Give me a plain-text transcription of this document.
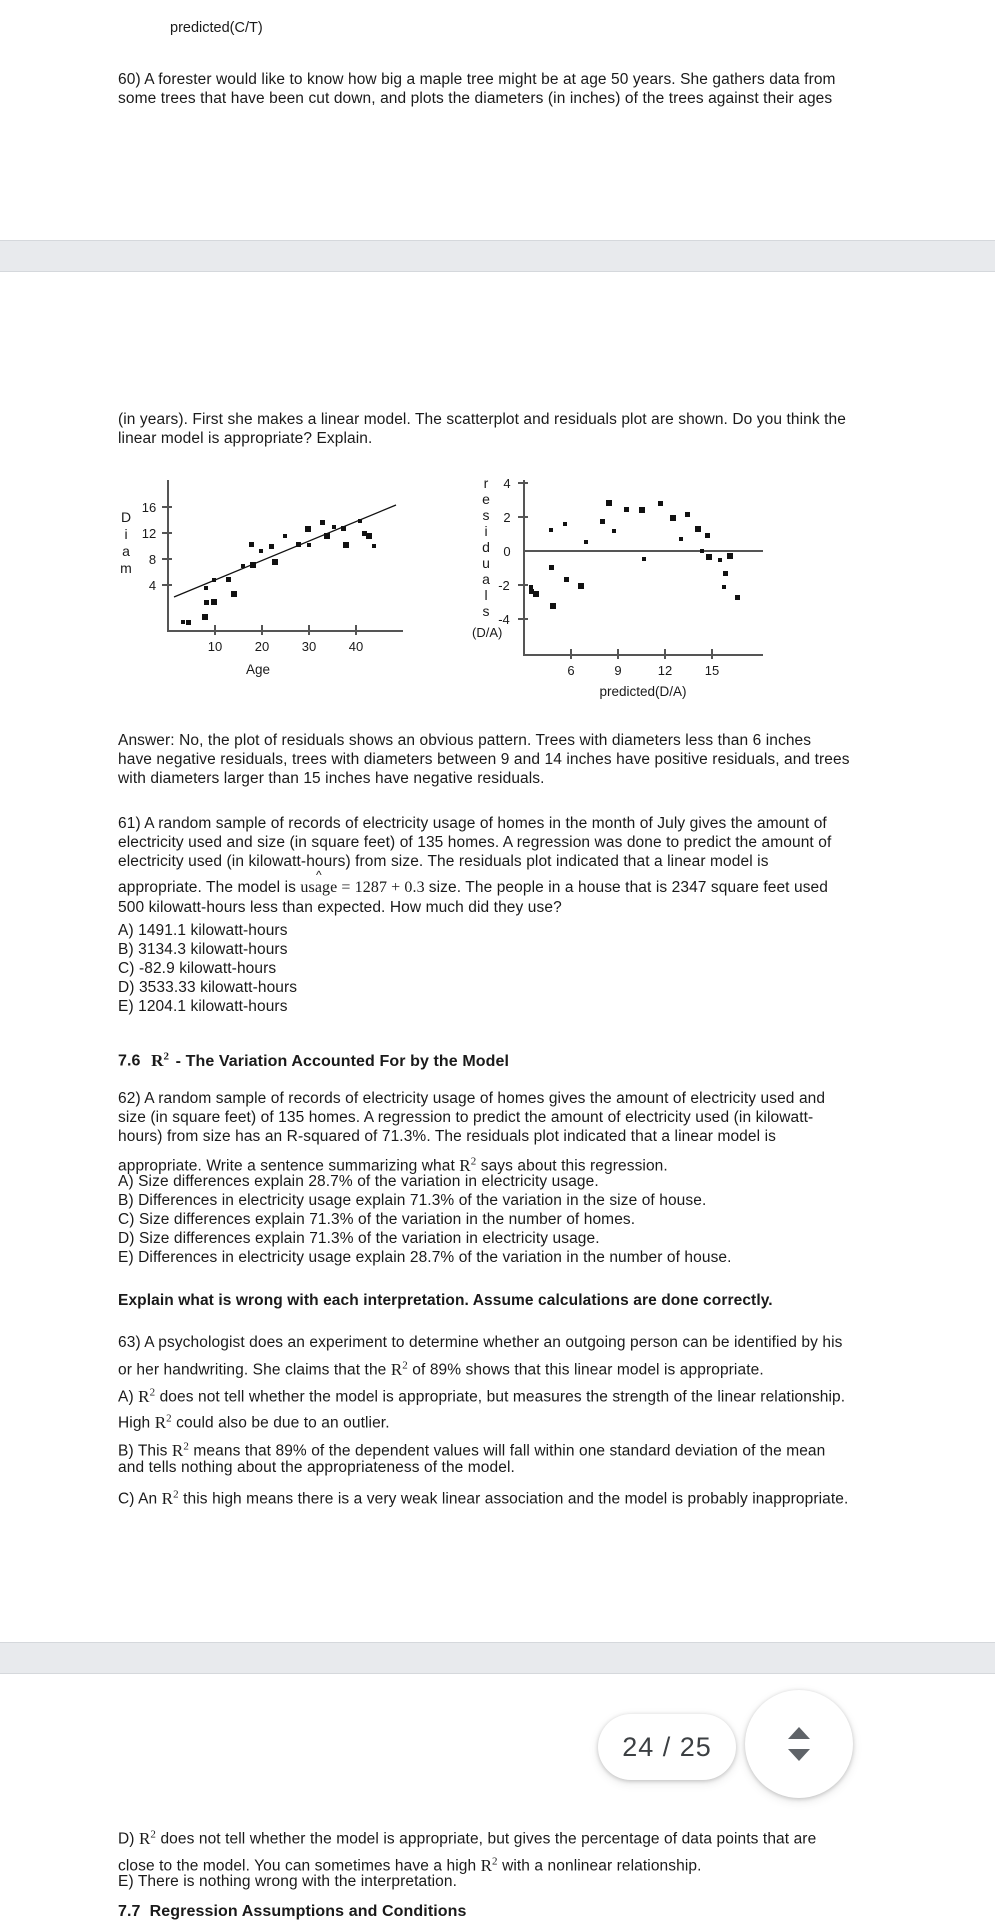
predicted(C/T)
60) A forester would like to know how big a maple tree might be at age 50 years. She gathers data from
some trees that have been cut down, and plots the diameters (in inches) of the trees against their ages
(in years). First she makes a linear model. The scatterplot and residuals plot are shown. Do you think the
linear model is appropriate? Explain.
D
i
a
m
16
12
8
4
10	20	30	40
Age
r
e
s
i
d
u
a
l
s
(D/A)
4
2
0
-2
-4
6	9	12	15
predicted(D/A)
Answer: No, the plot of residuals shows an obvious pattern. Trees with diameters less than 6 inches
have negative residuals, trees with diameters between 9 and 14 inches have positive residuals, and trees
with diameters larger than 15 inches have negative residuals.
61) A random sample of records of electricity usage of homes in the month of July gives the amount of
electricity used and size (in square feet) of 135 homes. A regression was done to predict the amount of
electricity used (in kilowatt-hours) from size. The residuals plot indicated that a linear model is
appropriate. The model is
^
usage = 1287 + 0.3 size. The people in a house that is 2347 square feet used
500 kilowatt-hours less than expected. How much did they use?
A) 1491.1 kilowatt-hours
B) 3134.3 kilowatt-hours
C) -82.9 kilowatt-hours
D) 3533.33 kilowatt-hours
E) 1204.1 kilowatt-hours
7.6 $R^2$ - The Variation Accounted For by the Model
62) A random sample of records of electricity usage of homes gives the amount of electricity used and
size (in square feet) of 135 homes. A regression to predict the amount of electricity used (in kilowatt-
hours) from size has an R-squared of 71.3%. The residuals plot indicated that a linear model is
appropriate. Write a sentence summarizing what $R^2$ says about this regression.
A) Size differences explain 28.7% of the variation in electricity usage.
B) Differences in electricity usage explain 71.3% of the variation in the size of house.
C) Size differences explain 71.3% of the variation in the number of homes.
D) Size differences explain 71.3% of the variation in electricity usage.
E) Differences in electricity usage explain 28.7% of the variation in the number of house.
Explain what is wrong with each interpretation. Assume calculations are done correctly.
63) A psychologist does an experiment to determine whether an outgoing person can be identified by his
or her handwriting. She claims that the $R^2$ of 89% shows that this linear model is appropriate.
A) $R^2$ does not tell whether the model is appropriate, but measures the strength of the linear relationship.
High $R^2$ could also be due to an outlier.
B) This $R^2$ means that 89% of the dependent values will fall within one standard deviation of the mean
and tells nothing about the appropriateness of the model.
C) An $R^2$ this high means there is a very weak linear association and the model is probably inappropriate.
24 / 25
D) $R^2$ does not tell whether the model is appropriate, but gives the percentage of data points that are
close to the model. You can sometimes have a high $R^2$ with a nonlinear relationship.
E) There is nothing wrong with the interpretation.
7.7  Regression Assumptions and Conditions
